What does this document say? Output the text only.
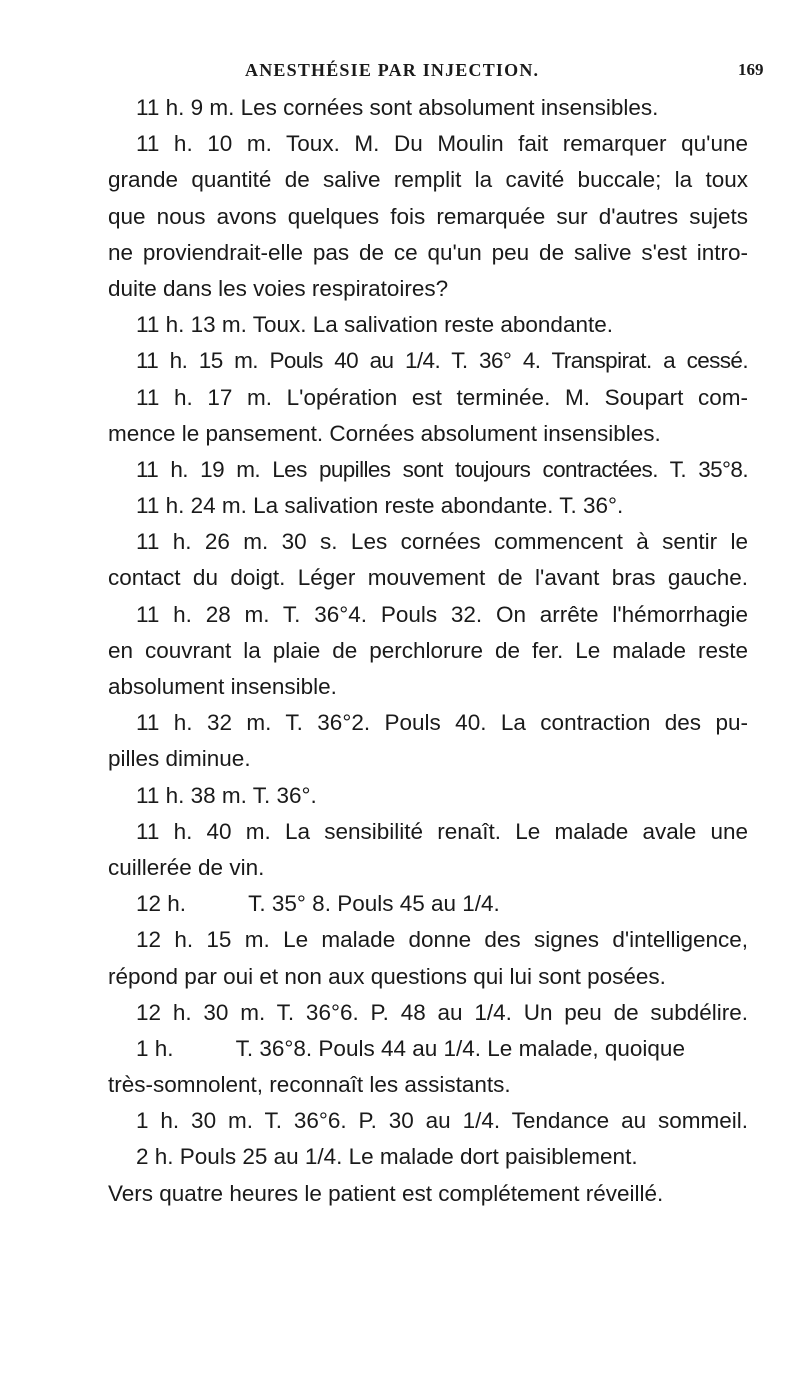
ANESTHÉSIE PAR INJECTION.	169
11 h. 9 m. Les cornées sont absolument insensibles.
11 h. 10 m. Toux. M. Du Moulin fait remarquer qu'une
grande quantité de salive remplit la cavité buccale; la toux
que nous avons quelques fois remarquée sur d'autres sujets
ne proviendrait-elle pas de ce qu'un peu de salive s'est intro-
duite dans les voies respiratoires?
11 h. 13 m. Toux. La salivation reste abondante.
11 h. 15 m. Pouls 40 au 1/4. T. 36° 4. Transpirat. a cessé.
11 h. 17 m. L'opération est terminée. M. Soupart com-
mence le pansement. Cornées absolument insensibles.
11 h. 19 m. Les pupilles sont toujours contractées. T. 35°8.
11 h. 24 m. La salivation reste abondante. T. 36°.
11 h. 26 m. 30 s. Les cornées commencent à sentir le
contact du doigt. Léger mouvement de l'avant bras gauche.
11 h. 28 m. T. 36°4. Pouls 32. On arrête l'hémorrhagie
en couvrant la plaie de perchlorure de fer. Le malade reste
absolument insensible.
11 h. 32 m. T. 36°2. Pouls 40. La contraction des pu-
pilles diminue.
11 h. 38 m. T. 36°.
11 h. 40 m. La sensibilité renaît. Le malade avale une
cuillerée de vin.
12 h.          T. 35° 8. Pouls 45 au 1/4.
12 h. 15 m. Le malade donne des signes d'intelligence,
répond par oui et non aux questions qui lui sont posées.
12 h. 30 m. T. 36°6. P. 48 au 1/4. Un peu de subdélire.
1 h.          T. 36°8. Pouls 44 au 1/4. Le malade, quoique
très-somnolent, reconnaît les assistants.
1 h. 30 m. T. 36°6. P. 30 au 1/4. Tendance au sommeil.
2 h. Pouls 25 au 1/4. Le malade dort paisiblement.
Vers quatre heures le patient est complétement réveillé.
